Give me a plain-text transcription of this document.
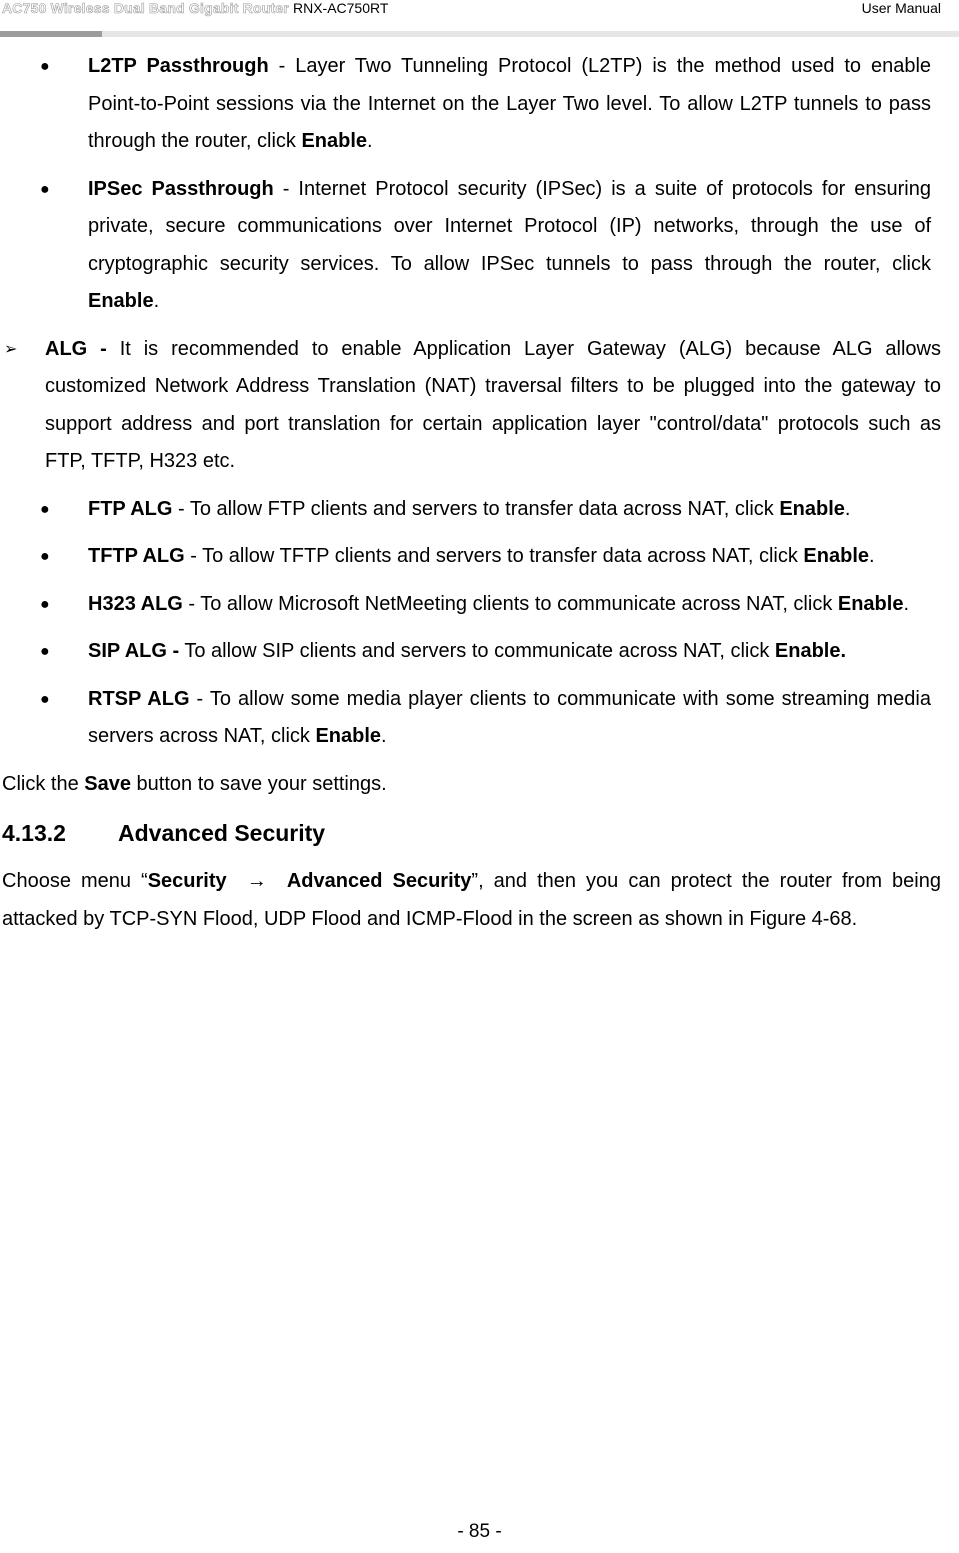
AC750 Wireless Dual Band Gigabit Router RNX-AC750RT	User Manual
● L2TP Passthrough - Layer Two Tunneling Protocol (L2TP) is the method used to enable Point-to-Point sessions via the Internet on the Layer Two level. To allow L2TP tunnels to pass through the router, click Enable.
● IPSec Passthrough - Internet Protocol security (IPSec) is a suite of protocols for ensuring private, secure communications over Internet Protocol (IP) networks, through the use of cryptographic security services. To allow IPSec tunnels to pass through the router, click Enable.
➢ ALG - It is recommended to enable Application Layer Gateway (ALG) because ALG allows customized Network Address Translation (NAT) traversal filters to be plugged into the gateway to support address and port translation for certain application layer "control/data" protocols such as FTP, TFTP, H323 etc.
● FTP ALG - To allow FTP clients and servers to transfer data across NAT, click Enable.
● TFTP ALG - To allow TFTP clients and servers to transfer data across NAT, click Enable.
● H323 ALG - To allow Microsoft NetMeeting clients to communicate across NAT, click Enable.
● SIP ALG - To allow SIP clients and servers to communicate across NAT, click Enable.
● RTSP ALG - To allow some media player clients to communicate with some streaming media servers across NAT, click Enable.
Click the Save button to save your settings.
4.13.2 Advanced Security
Choose menu “Security → Advanced Security”, and then you can protect the router from being attacked by TCP-SYN Flood, UDP Flood and ICMP-Flood in the screen as shown in Figure 4-68.
- 85 -
